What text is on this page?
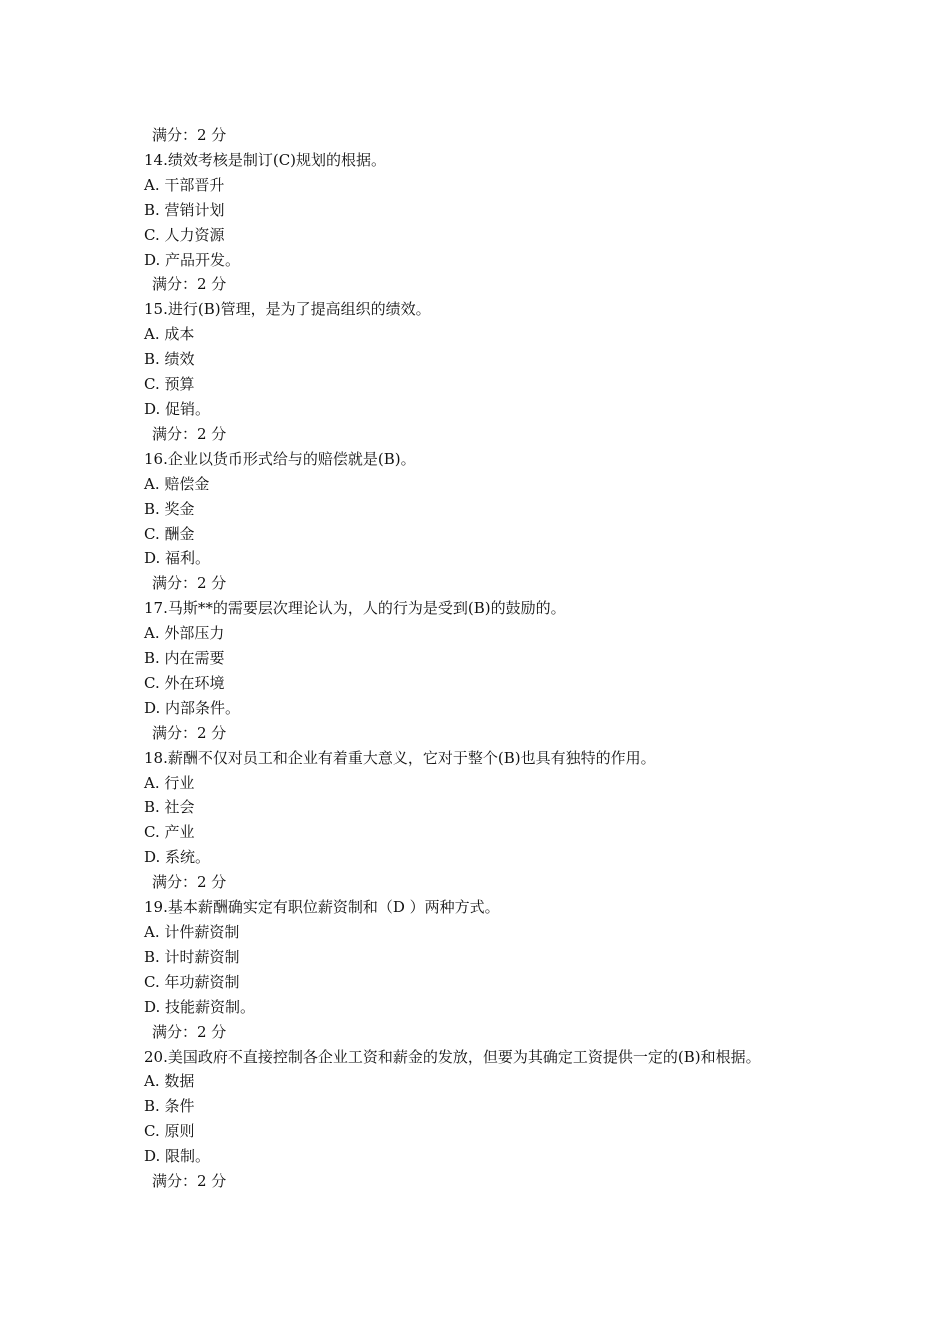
满分：2 分
14.绩效考核是制订(C)规划的根据。
A. 干部晋升
B. 营销计划
C. 人力资源
D. 产品开发。
满分：2 分
15.进行(B)管理，是为了提高组织的绩效。
A. 成本
B. 绩效
C. 预算
D. 促销。
满分：2 分
16.企业以货币形式给与的赔偿就是(B)。
A. 赔偿金
B. 奖金
C. 酬金
D. 福利。
满分：2 分
17.马斯**的需要层次理论认为，人的行为是受到(B)的鼓励的。
A. 外部压力
B. 内在需要
C. 外在环境
D. 内部条件。
满分：2 分
18.薪酬不仅对员工和企业有着重大意义，它对于整个(B)也具有独特的作用。
A. 行业
B. 社会
C. 产业
D. 系统。
满分：2 分
19.基本薪酬确实定有职位薪资制和（D ）两种方式。
A. 计件薪资制
B. 计时薪资制
C. 年功薪资制
D. 技能薪资制。
满分：2 分
20.美国政府不直接控制各企业工资和薪金的发放，但要为其确定工资提供一定的(B)和根据。
A. 数据
B. 条件
C. 原则
D. 限制。
满分：2 分
